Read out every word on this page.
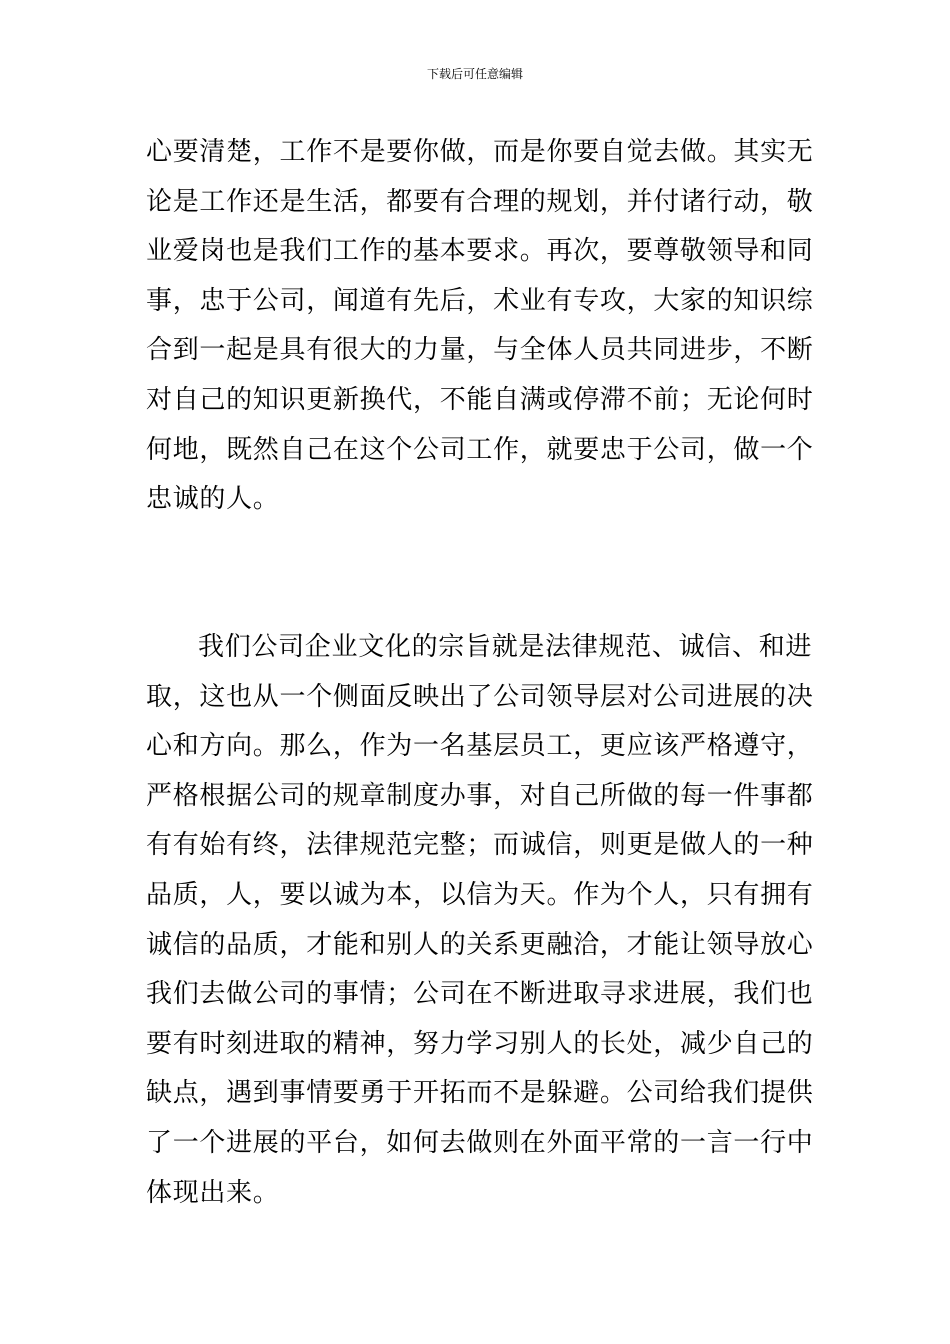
下载后可任意编辑
心要清楚，工作不是要你做，而是你要自觉去做。其实无
论是工作还是生活，都要有合理的规划，并付诸行动，敬
业爱岗也是我们工作的基本要求。再次，要尊敬领导和同
事，忠于公司，闻道有先后，术业有专攻，大家的知识综
合到一起是具有很大的力量，与全体人员共同进步，不断
对自己的知识更新换代，不能自满或停滞不前；无论何时
何地，既然自己在这个公司工作，就要忠于公司，做一个
忠诚的人。
我们公司企业文化的宗旨就是法律规范、诚信、和进
取，这也从一个侧面反映出了公司领导层对公司进展的决
心和方向。那么，作为一名基层员工，更应该严格遵守，
严格根据公司的规章制度办事，对自己所做的每一件事都
有有始有终，法律规范完整；而诚信，则更是做人的一种
品质，人，要以诚为本，以信为天。作为个人，只有拥有
诚信的品质，才能和别人的关系更融洽，才能让领导放心
我们去做公司的事情；公司在不断进取寻求进展，我们也
要有时刻进取的精神，努力学习别人的长处，减少自己的
缺点，遇到事情要勇于开拓而不是躲避。公司给我们提供
了一个进展的平台，如何去做则在外面平常的一言一行中
体现出来。
